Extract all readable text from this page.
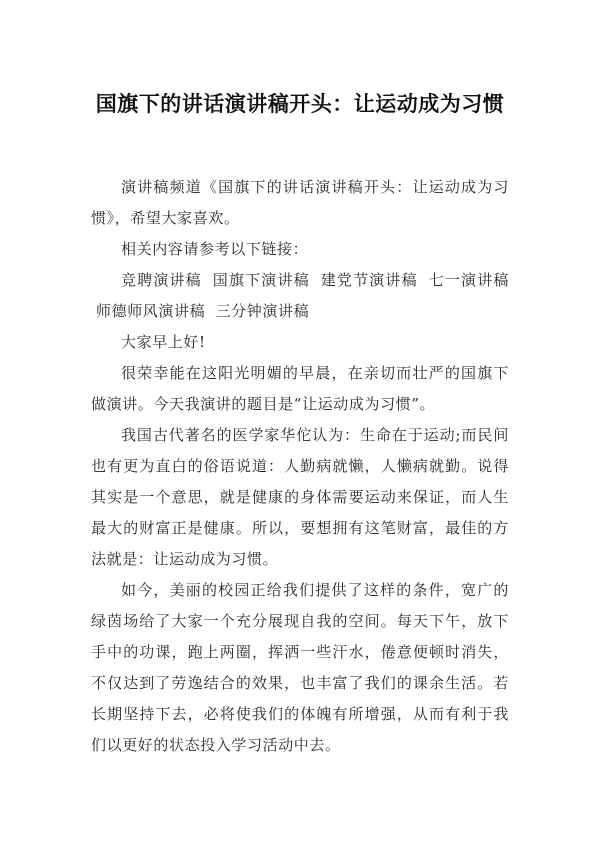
国旗下的讲话演讲稿开头：让运动成为习惯

演讲稿频道《国旗下的讲话演讲稿开头：让运动成为习惯》，希望大家喜欢。

相关内容请参考以下链接：

竞聘演讲稿 国旗下演讲稿 建党节演讲稿 七一演讲稿 师德师风演讲稿 三分钟演讲稿

大家早上好!

很荣幸能在这阳光明媚的早晨，在亲切而壮严的国旗下做演讲。今天我演讲的题目是“让运动成为习惯”。

我国古代著名的医学家华佗认为：生命在于运动;而民间也有更为直白的俗语说道：人勤病就懒，人懒病就勤。说得其实是一个意思，就是健康的身体需要运动来保证，而人生最大的财富正是健康。所以，要想拥有这笔财富，最佳的方法就是：让运动成为习惯。

如今，美丽的校园正给我们提供了这样的条件，宽广的绿茵场给了大家一个充分展现自我的空间。每天下午，放下手中的功课，跑上两圈，挥洒一些汗水，倦意便顿时消失，不仅达到了劳逸结合的效果，也丰富了我们的课余生活。若长期坚持下去，必将使我们的体魄有所增强，从而有利于我们以更好的状态投入学习活动中去。
